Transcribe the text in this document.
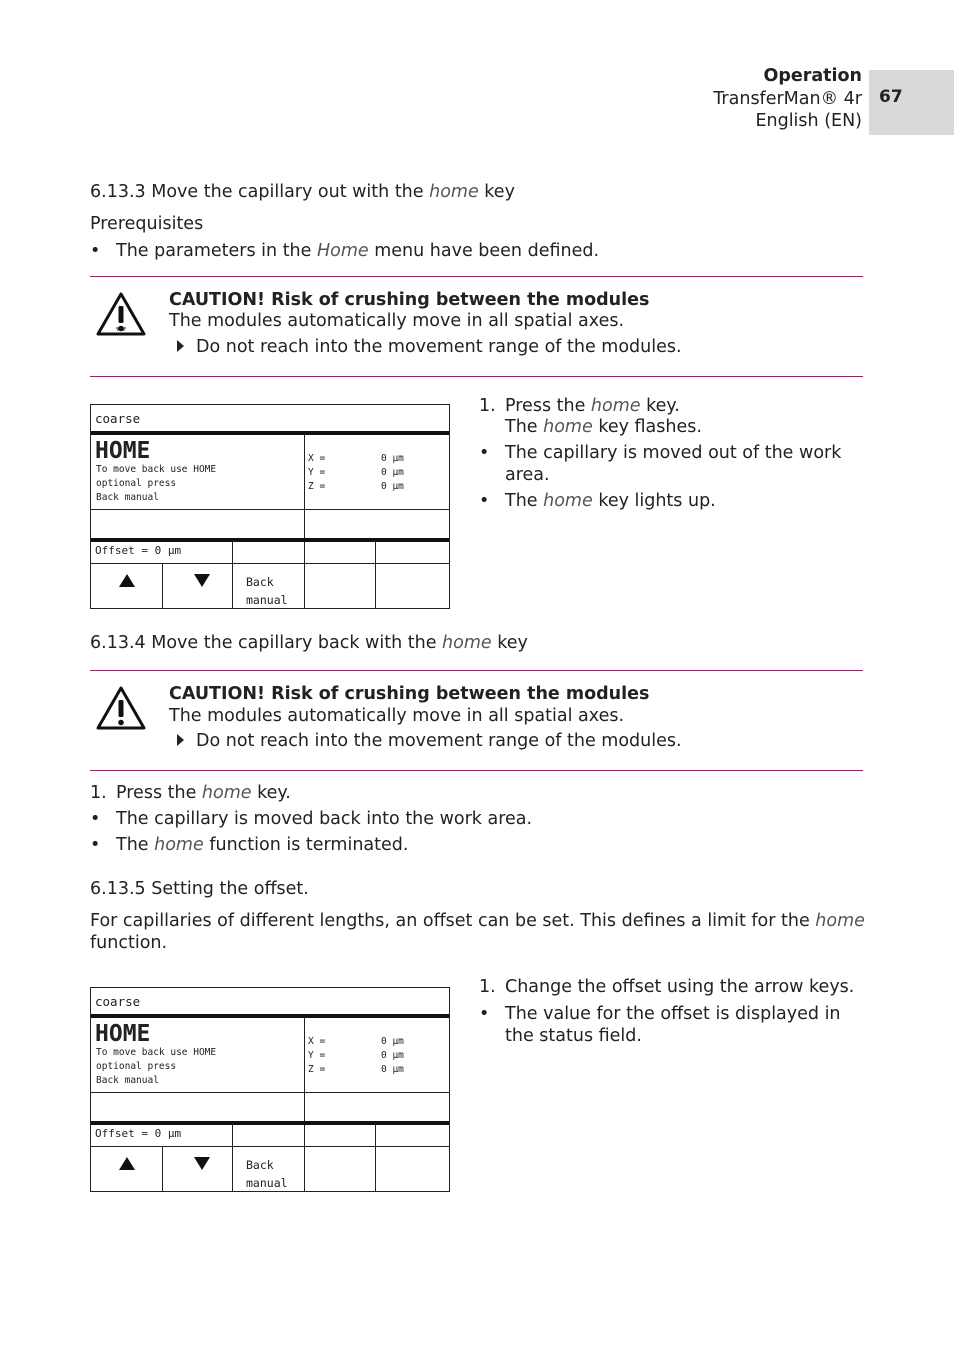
Operation
TransferMan® 4r
English (EN)
67
6.13.3 Move the capillary out with the home key
Prerequisites
• The parameters in the Home menu have been defined.
CAUTION! Risk of crushing between the modules
The modules automatically move in all spatial axes.
Do not reach into the movement range of the modules.
coarse
HOME
To move back use HOME
optional press
Back manual
X =
Y =
Z =
0 µm
0 µm
0 µm
Offset = 0 µm
Back
manual
1. Press the home key.
The home key flashes.
• The capillary is moved out of the work
area.
• The home key lights up.
6.13.4 Move the capillary back with the home key
CAUTION! Risk of crushing between the modules
The modules automatically move in all spatial axes.
Do not reach into the movement range of the modules.
1. Press the home key.
• The capillary is moved back into the work area.
• The home function is terminated.
6.13.5 Setting the offset.
For capillaries of different lengths, an offset can be set. This defines a limit for the home
function.
coarse
HOME
To move back use HOME
optional press
Back manual
X =
Y =
Z =
0 µm
0 µm
0 µm
Offset = 0 µm
Back
manual
1. Change the offset using the arrow keys.
• The value for the offset is displayed in
the status field.
